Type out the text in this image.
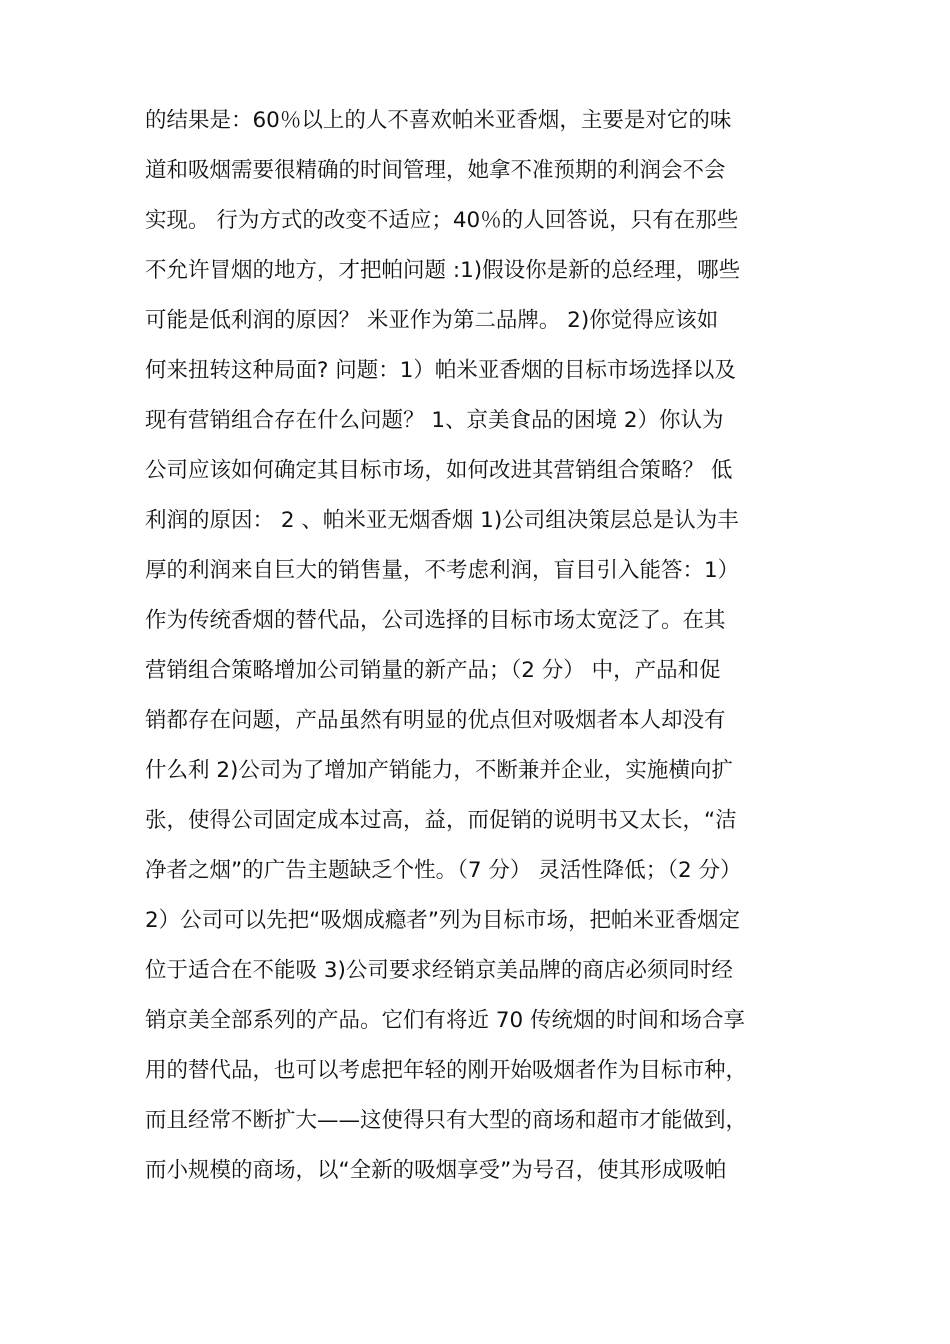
的结果是：60％以上的人不喜欢帕米亚香烟，主要是对它的味
道和吸烟需要很精确的时间管理，她拿不准预期的利润会不会
实现。 行为方式的改变不适应；40％的人回答说，只有在那些
不允许冒烟的地方，才把帕问题 :1)假设你是新的总经理，哪些
可能是低利润的原因？ 米亚作为第二品牌。 2)你觉得应该如
何来扭转这种局面? 问题：1）帕米亚香烟的目标市场选择以及
现有营销组合存在什么问题？ 1、京美食品的困境 2）你认为
公司应该如何确定其目标市场，如何改进其营销组合策略？ 低
利润的原因： 2 、帕米亚无烟香烟 1)公司组决策层总是认为丰
厚的利润来自巨大的销售量，不考虑利润，盲目引入能答：1）
作为传统香烟的替代品，公司选择的目标市场太宽泛了。在其
营销组合策略增加公司销量的新产品；（2 分） 中，产品和促
销都存在问题，产品虽然有明显的优点但对吸烟者本人却没有
什么利 2)公司为了增加产销能力，不断兼并企业，实施横向扩
张，使得公司固定成本过高，益，而促销的说明书又太长，“洁
净者之烟”的广告主题缺乏个性。（7 分） 灵活性降低；（2 分）
2）公司可以先把“吸烟成瘾者”列为目标市场，把帕米亚香烟定
位于适合在不能吸 3)公司要求经销京美品牌的商店必须同时经
销京美全部系列的产品。它们有将近 70 传统烟的时间和场合享
用的替代品，也可以考虑把年轻的刚开始吸烟者作为目标市种，
而且经常不断扩大——这使得只有大型的商场和超市才能做到，
而小规模的商场，以“全新的吸烟享受”为号召，使其形成吸帕
